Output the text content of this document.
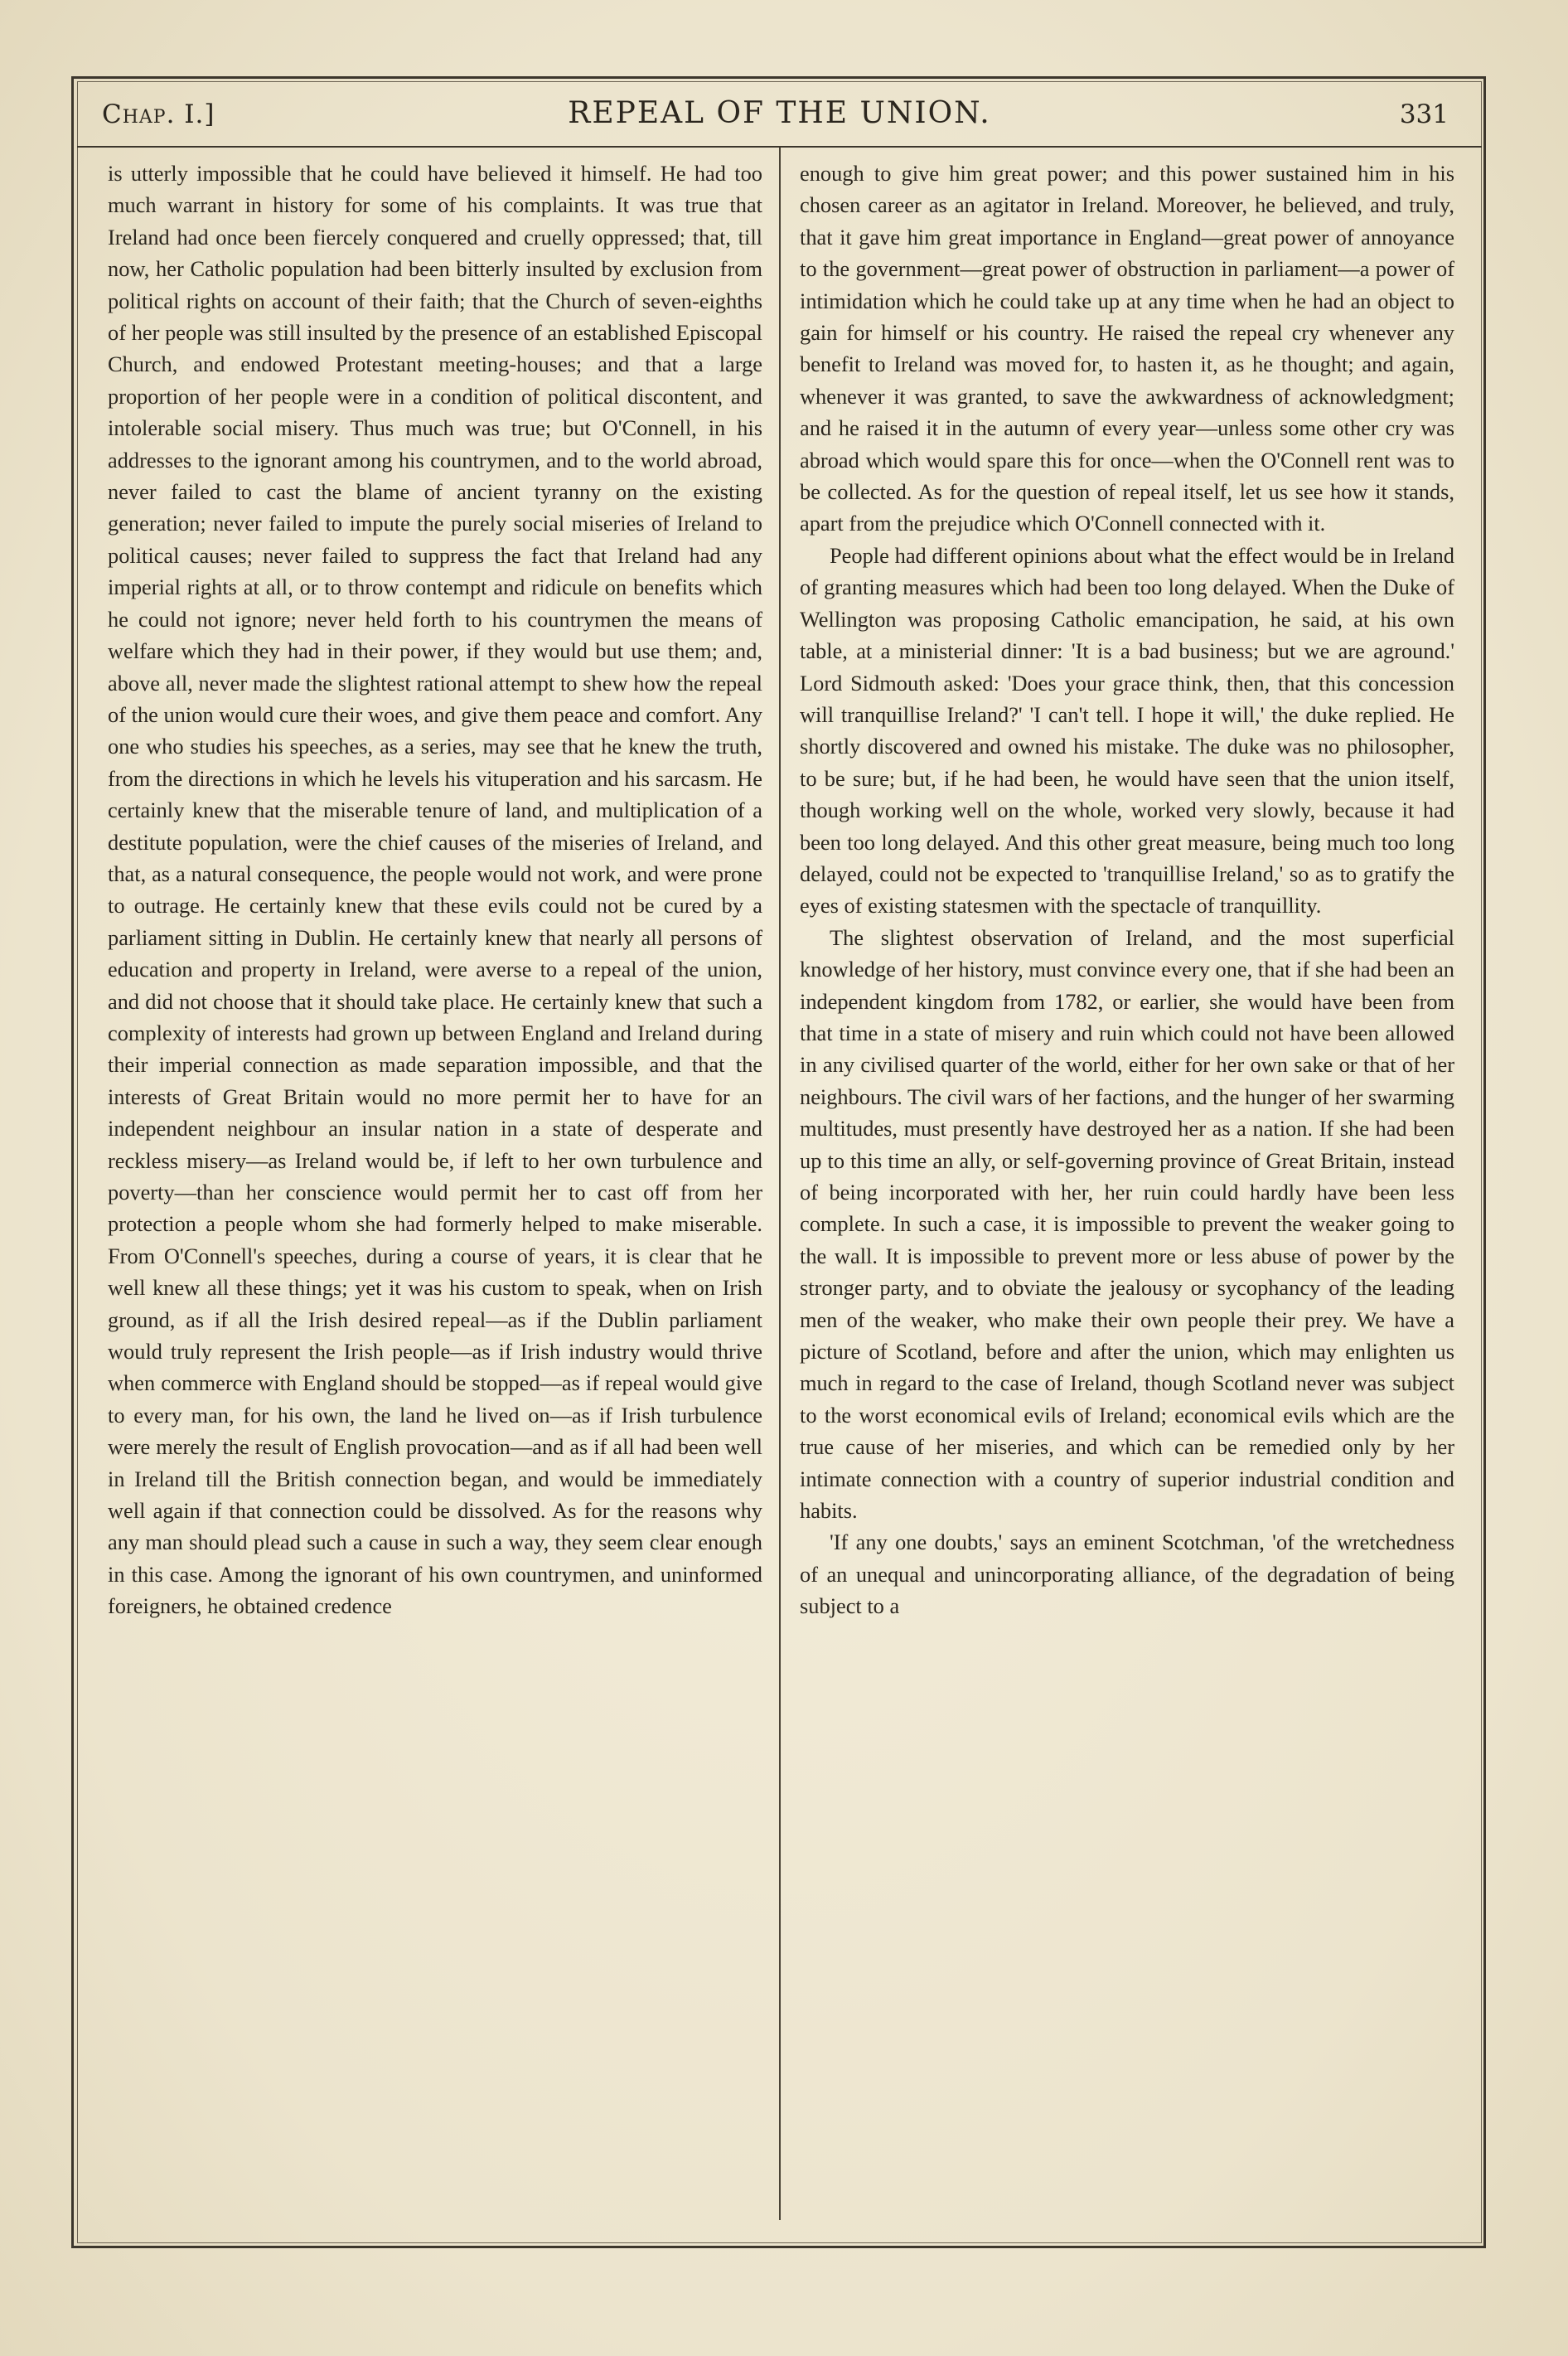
Chap. I.]	REPEAL OF THE UNION.	331

is utterly impossible that he could have believed it himself. He had too much warrant in history for some of his complaints. It was true that Ireland had once been fiercely conquered and cruelly oppressed; that, till now, her Catholic population had been bitterly insulted by exclusion from political rights on account of their faith; that the Church of seven-eighths of her people was still insulted by the presence of an established Episcopal Church, and endowed Protestant meeting-houses; and that a large proportion of her people were in a condition of political discontent, and intolerable social misery. Thus much was true; but O'Connell, in his addresses to the ignorant among his countrymen, and to the world abroad, never failed to cast the blame of ancient tyranny on the existing generation; never failed to impute the purely social miseries of Ireland to political causes; never failed to suppress the fact that Ireland had any imperial rights at all, or to throw contempt and ridicule on benefits which he could not ignore; never held forth to his countrymen the means of welfare which they had in their power, if they would but use them; and, above all, never made the slightest rational attempt to shew how the repeal of the union would cure their woes, and give them peace and comfort. Any one who studies his speeches, as a series, may see that he knew the truth, from the directions in which he levels his vituperation and his sarcasm. He certainly knew that the miserable tenure of land, and multiplication of a destitute population, were the chief causes of the miseries of Ireland, and that, as a natural consequence, the people would not work, and were prone to outrage. He certainly knew that these evils could not be cured by a parliament sitting in Dublin. He certainly knew that nearly all persons of education and property in Ireland, were averse to a repeal of the union, and did not choose that it should take place. He certainly knew that such a complexity of interests had grown up between England and Ireland during their imperial connection as made separation impossible, and that the interests of Great Britain would no more permit her to have for an independent neighbour an insular nation in a state of desperate and reckless misery—as Ireland would be, if left to her own turbulence and poverty—than her conscience would permit her to cast off from her protection a people whom she had formerly helped to make miserable. From O'Connell's speeches, during a course of years, it is clear that he well knew all these things; yet it was his custom to speak, when on Irish ground, as if all the Irish desired repeal—as if the Dublin parliament would truly represent the Irish people—as if Irish industry would thrive when commerce with England should be stopped—as if repeal would give to every man, for his own, the land he lived on—as if Irish turbulence were merely the result of English provocation—and as if all had been well in Ireland till the British connection began, and would be immediately well again if that connection could be dissolved. As for the reasons why any man should plead such a cause in such a way, they seem clear enough in this case. Among the ignorant of his own countrymen, and uninformed foreigners, he obtained credence

enough to give him great power; and this power sustained him in his chosen career as an agitator in Ireland. Moreover, he believed, and truly, that it gave him great importance in England—great power of annoyance to the government—great power of obstruction in parliament—a power of intimidation which he could take up at any time when he had an object to gain for himself or his country. He raised the repeal cry whenever any benefit to Ireland was moved for, to hasten it, as he thought; and again, whenever it was granted, to save the awkwardness of acknowledgment; and he raised it in the autumn of every year—unless some other cry was abroad which would spare this for once—when the O'Connell rent was to be collected. As for the question of repeal itself, let us see how it stands, apart from the prejudice which O'Connell connected with it.

People had different opinions about what the effect would be in Ireland of granting measures which had been too long delayed. When the Duke of Wellington was proposing Catholic emancipation, he said, at his own table, at a ministerial dinner: 'It is a bad business; but we are aground.' Lord Sidmouth asked: 'Does your grace think, then, that this concession will tranquillise Ireland?' 'I can't tell. I hope it will,' the duke replied. He shortly discovered and owned his mistake. The duke was no philosopher, to be sure; but, if he had been, he would have seen that the union itself, though working well on the whole, worked very slowly, because it had been too long delayed. And this other great measure, being much too long delayed, could not be expected to 'tranquillise Ireland,' so as to gratify the eyes of existing statesmen with the spectacle of tranquillity.

The slightest observation of Ireland, and the most superficial knowledge of her history, must convince every one, that if she had been an independent kingdom from 1782, or earlier, she would have been from that time in a state of misery and ruin which could not have been allowed in any civilised quarter of the world, either for her own sake or that of her neighbours. The civil wars of her factions, and the hunger of her swarming multitudes, must presently have destroyed her as a nation. If she had been up to this time an ally, or self-governing province of Great Britain, instead of being incorporated with her, her ruin could hardly have been less complete. In such a case, it is impossible to prevent the weaker going to the wall. It is impossible to prevent more or less abuse of power by the stronger party, and to obviate the jealousy or sycophancy of the leading men of the weaker, who make their own people their prey. We have a picture of Scotland, before and after the union, which may enlighten us much in regard to the case of Ireland, though Scotland never was subject to the worst economical evils of Ireland; economical evils which are the true cause of her miseries, and which can be remedied only by her intimate connection with a country of superior industrial condition and habits.

'If any one doubts,' says an eminent Scotchman, 'of the wretchedness of an unequal and unincorporating alliance, of the degradation of being subject to a
